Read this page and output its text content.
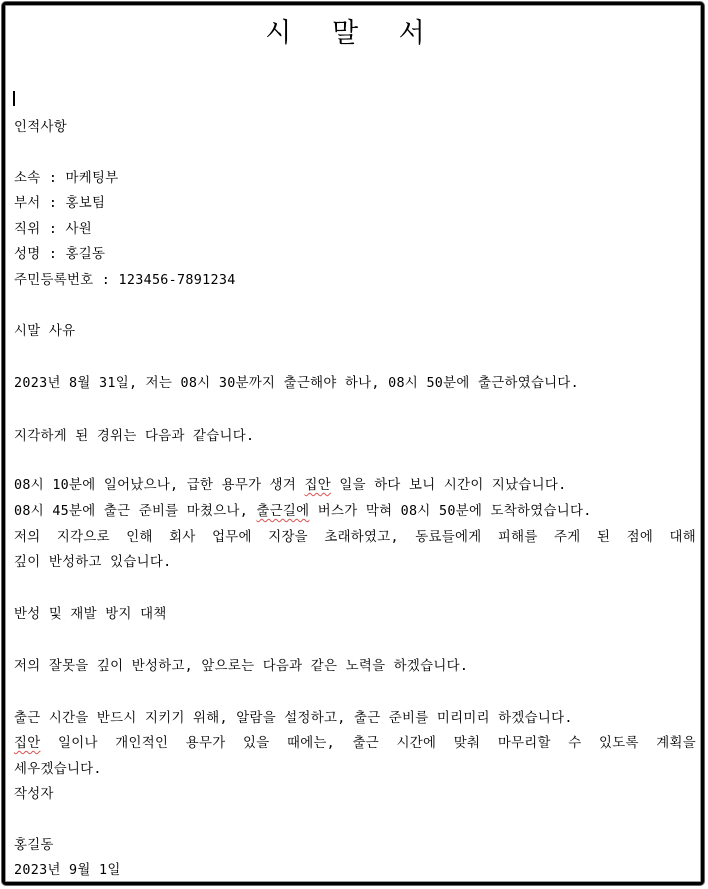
시 말 서
인적사항
소속 : 마케팅부
부서 : 홍보팀
직위 : 사원
성명 : 홍길동
주민등록번호 : 123456-7891234
시말 사유
2023년 8월 31일, 저는 08시 30분까지 출근해야 하나, 08시 50분에 출근하였습니다.
지각하게 된 경위는 다음과 같습니다.
08시 10분에 일어났으나, 급한 용무가 생겨 집안 일을 하다 보니 시간이 지났습니다.
08시 45분에 출근 준비를 마쳤으나, 출근길에 버스가 막혀 08시 50분에 도착하였습니다.
저의 지각으로 인해 회사 업무에 지장을 초래하였고, 동료들에게 피해를 주게 된 점에 대해
깊이 반성하고 있습니다.
반성 및 재발 방지 대책
저의 잘못을 깊이 반성하고, 앞으로는 다음과 같은 노력을 하겠습니다.
출근 시간을 반드시 지키기 위해, 알람을 설정하고, 출근 준비를 미리미리 하겠습니다.
집안 일이나 개인적인 용무가 있을 때에는, 출근 시간에 맞춰 마무리할 수 있도록 계획을
세우겠습니다.
작성자
홍길동
2023년 9월 1일
